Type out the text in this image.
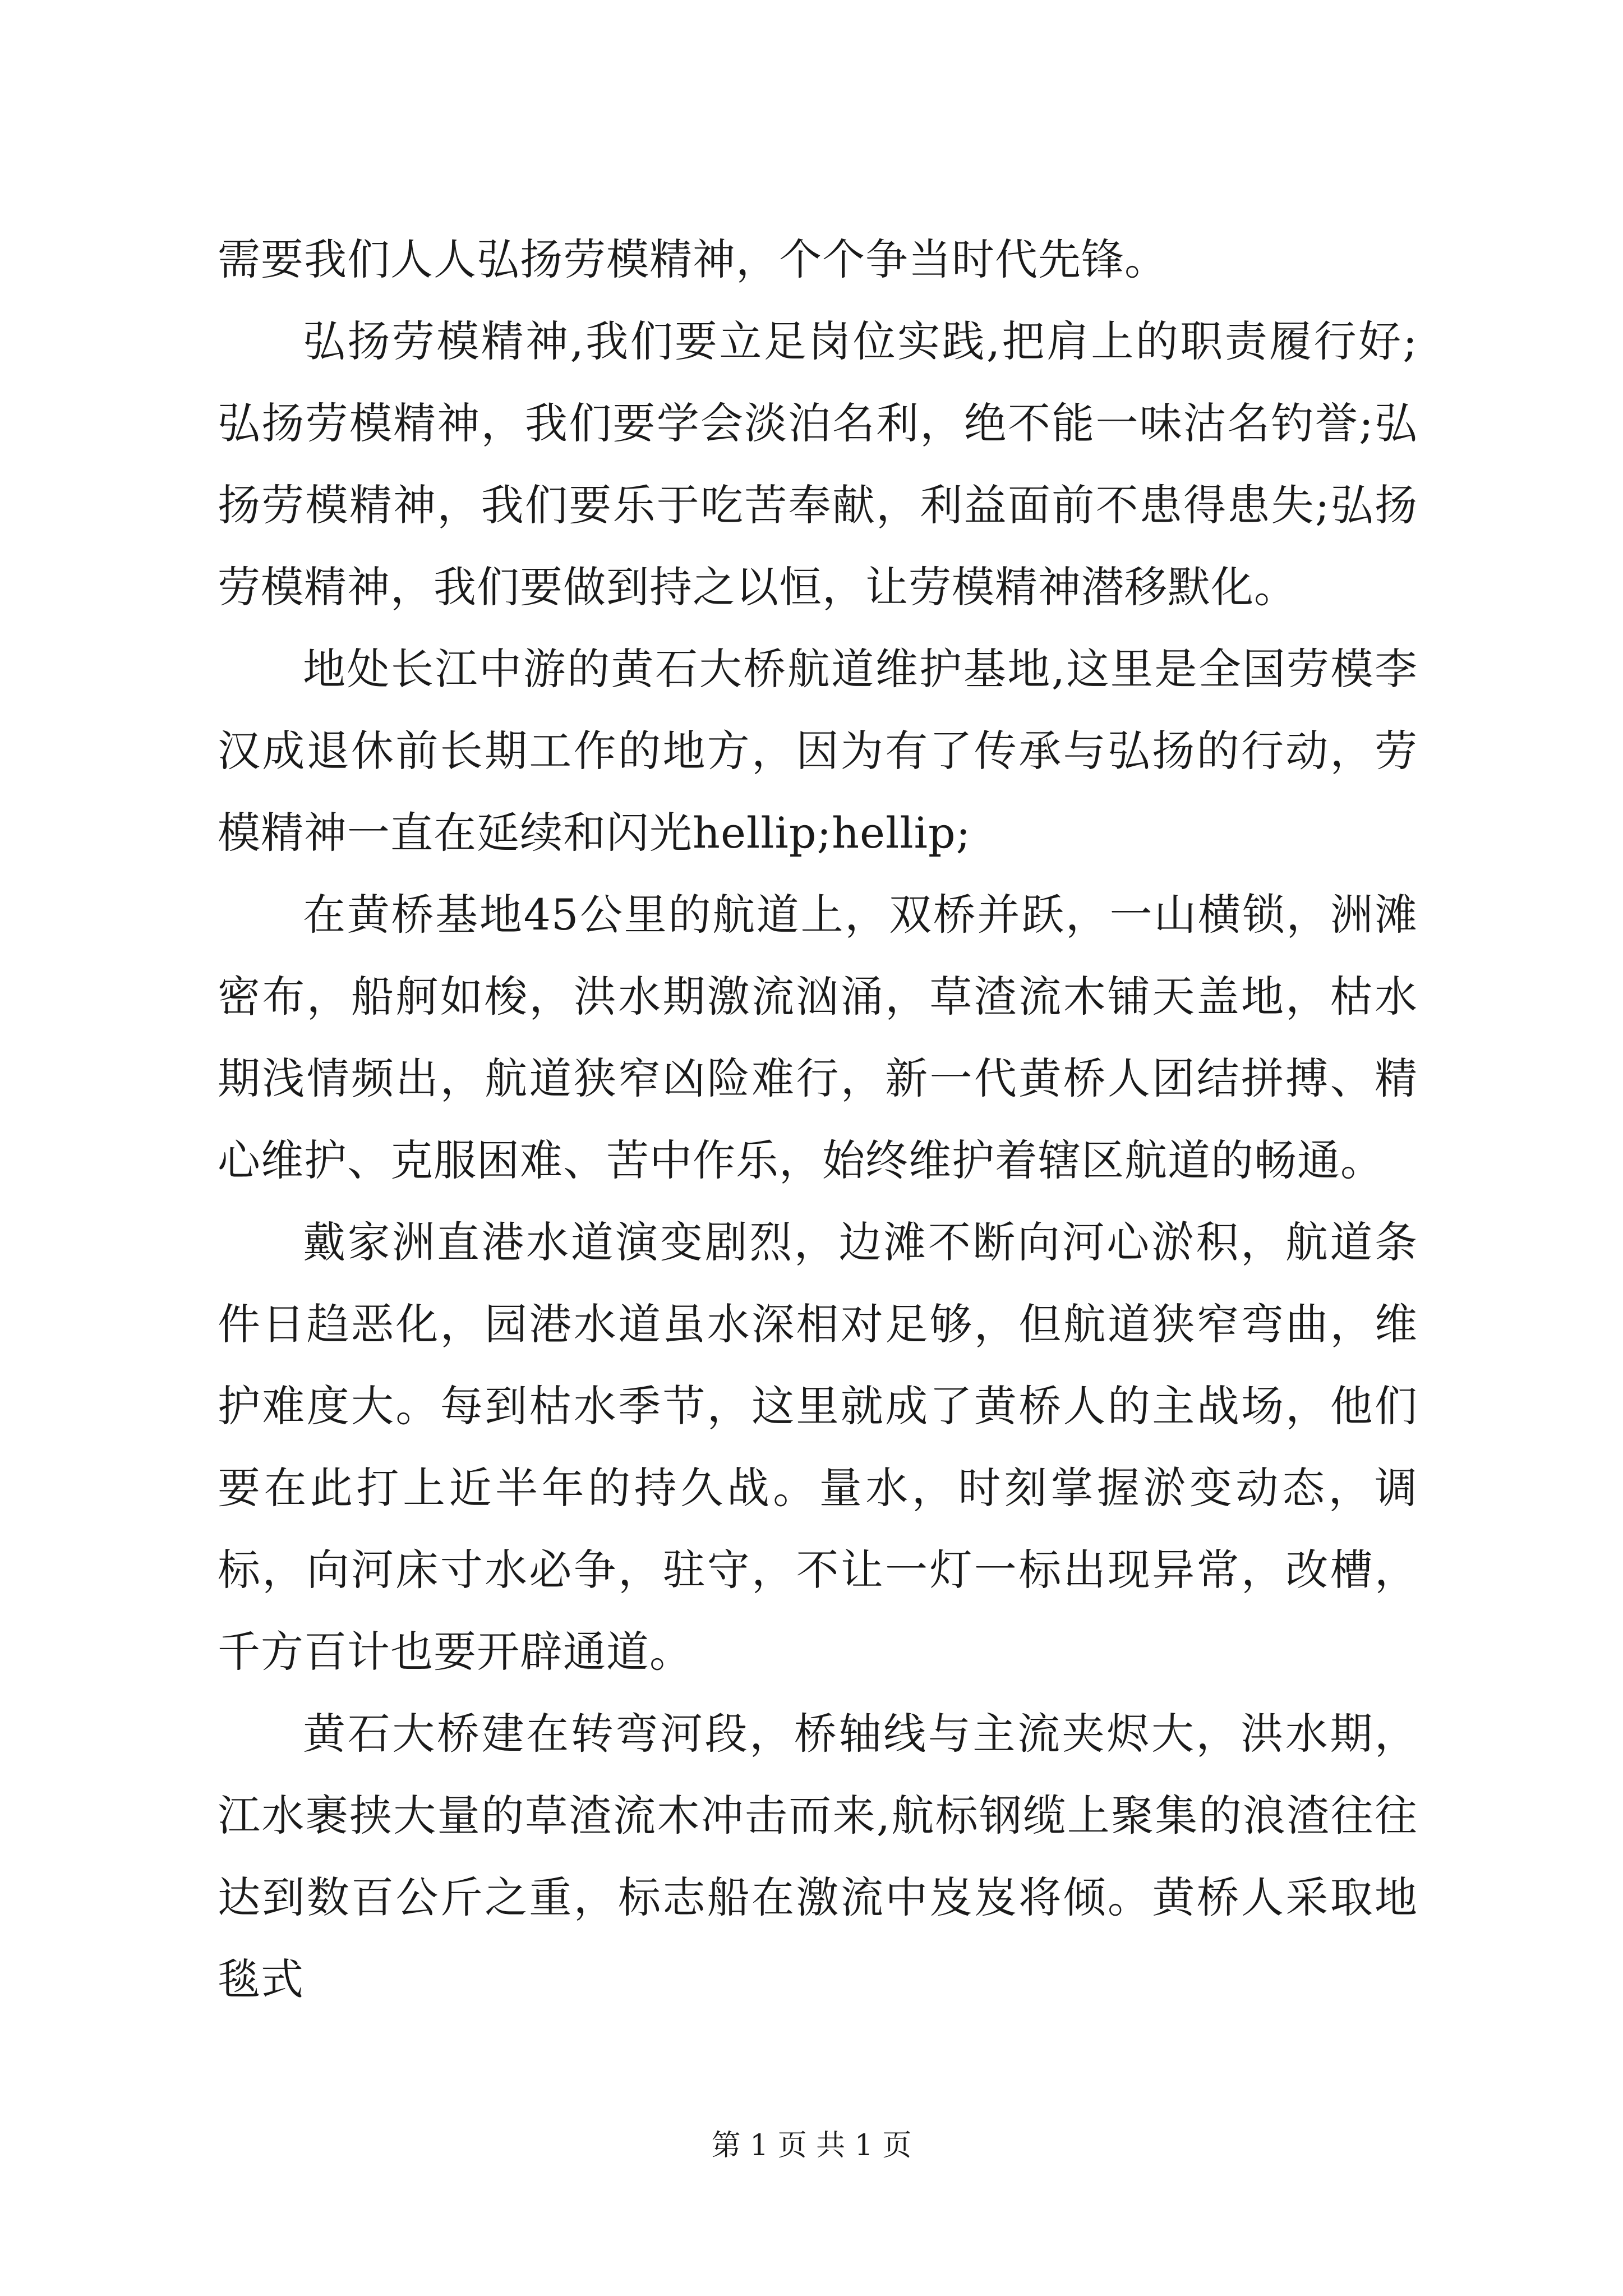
需要我们人人弘扬劳模精神，个个争当时代先锋。

弘扬劳模精神,我们要立足岗位实践,把肩上的职责履行好;弘扬劳模精神，我们要学会淡泊名利，绝不能一味沽名钓誉;弘扬劳模精神，我们要乐于吃苦奉献，利益面前不患得患失;弘扬劳模精神，我们要做到持之以恒，让劳模精神潜移默化。

地处长江中游的黄石大桥航道维护基地,这里是全国劳模李汉成退休前长期工作的地方，因为有了传承与弘扬的行动，劳模精神一直在延续和闪光hellip;hellip;

在黄桥基地45公里的航道上，双桥并跃，一山横锁，洲滩密布，船舸如梭，洪水期激流汹涌，草渣流木铺天盖地，枯水期浅情频出，航道狭窄凶险难行，新一代黄桥人团结拼搏、精心维护、克服困难、苦中作乐，始终维护着辖区航道的畅通。

戴家洲直港水道演变剧烈，边滩不断向河心淤积，航道条件日趋恶化，园港水道虽水深相对足够，但航道狭窄弯曲，维护难度大。每到枯水季节，这里就成了黄桥人的主战场，他们要在此打上近半年的持久战。量水，时刻掌握淤变动态，调标，向河床寸水必争，驻守，不让一灯一标出现异常，改槽，千方百计也要开辟通道。

黄石大桥建在转弯河段，桥轴线与主流夹烬大，洪水期，江水裹挟大量的草渣流木冲击而来,航标钢缆上聚集的浪渣往往达到数百公斤之重，标志船在激流中岌岌将倾。黄桥人采取地毯式

第 1 页 共 1 页
